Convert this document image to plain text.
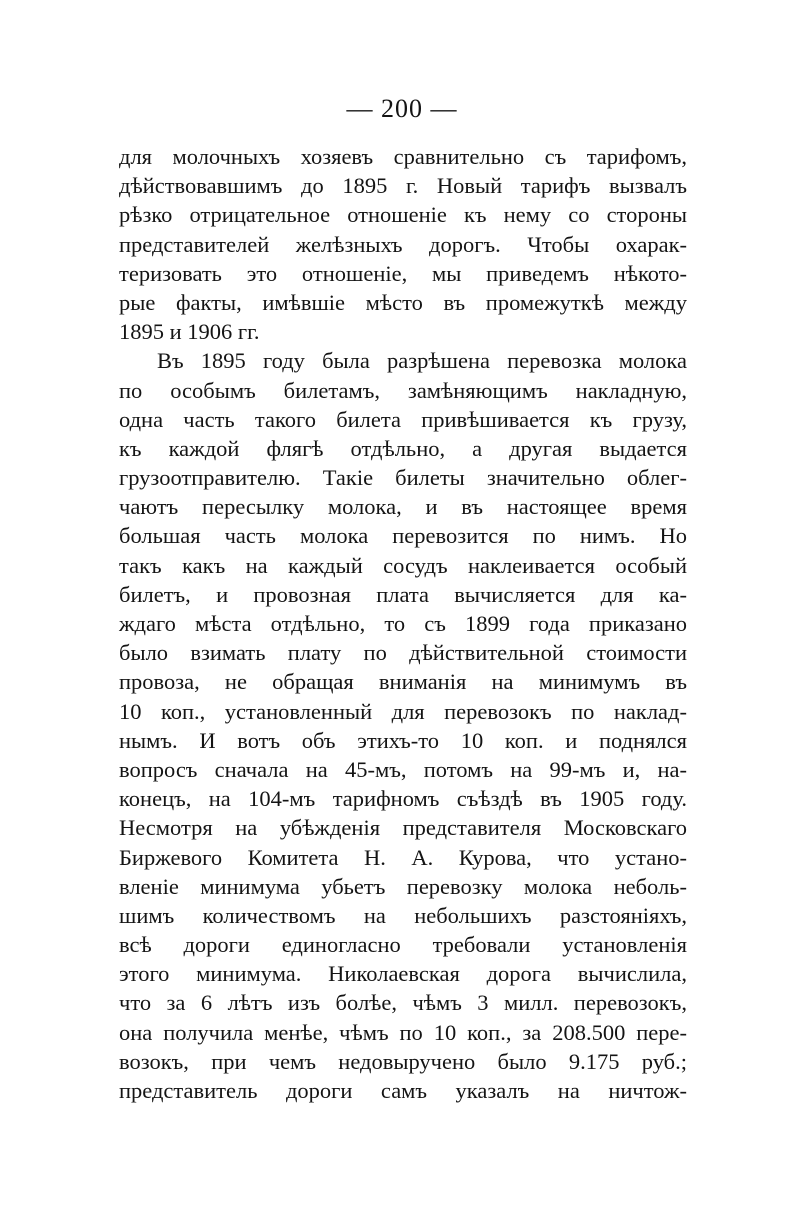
— 200 —
для молочныхъ хозяевъ сравнительно съ тарифомъ,
дѣйствовавшимъ до 1895 г. Новый тарифъ вызвалъ
рѣзко отрицательное отношеніе къ нему со стороны
представителей желѣзныхъ дорогъ. Чтобы охарак-
теризовать это отношеніе, мы приведемъ нѣкото-
рые факты, имѣвшіе мѣсто въ промежуткѣ между
1895 и 1906 гг.
Въ 1895 году была разрѣшена перевозка молока
по особымъ билетамъ, замѣняющимъ накладную,
одна часть такого билета привѣшивается къ грузу,
къ каждой флягѣ отдѣльно, а другая выдается
грузоотправителю. Такіе билеты значительно облег-
чаютъ пересылку молока, и въ настоящее время
большая часть молока перевозится по нимъ. Но
такъ какъ на каждый сосудъ наклеивается особый
билетъ, и провозная плата вычисляется для ка-
ждаго мѣста отдѣльно, то съ 1899 года приказано
было взимать плату по дѣйствительной стоимости
провоза, не обращая вниманія на минимумъ въ
10 коп., установленный для перевозокъ по наклад-
нымъ. И вотъ объ этихъ-то 10 коп. и поднялся
вопросъ сначала на 45-мъ, потомъ на 99-мъ и, на-
конецъ, на 104-мъ тарифномъ съѣздѣ въ 1905 году.
Несмотря на убѣжденія представителя Московскаго
Биржевого Комитета Н. А. Курова, что устано-
вленіе минимума убьетъ перевозку молока неболь-
шимъ количествомъ на небольшихъ разстояніяхъ,
всѣ дороги единогласно требовали установленія
этого минимума. Николаевская дорога вычислила,
что за 6 лѣтъ изъ болѣе, чѣмъ 3 милл. перевозокъ,
она получила менѣе, чѣмъ по 10 коп., за 208.500 пере-
возокъ, при чемъ недовыручено было 9.175 руб.;
представитель дороги самъ указалъ на ничтож-
